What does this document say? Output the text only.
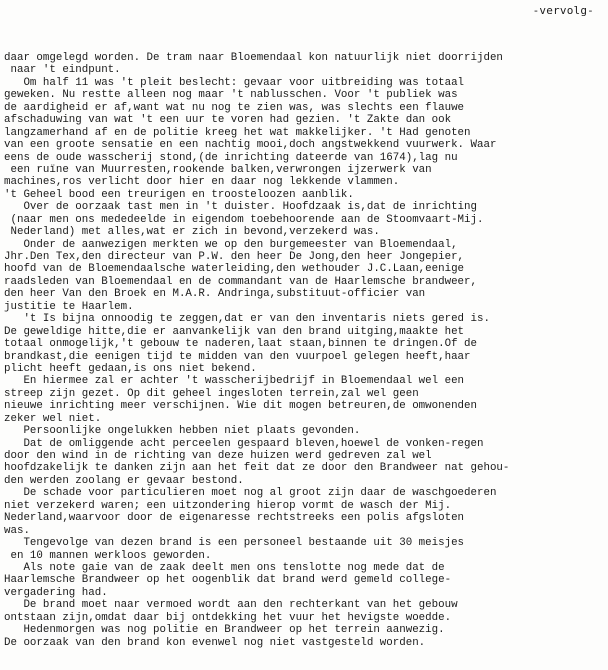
-vervolg-
daar omgelegd worden. De tram naar Bloemendaal kon natuurlijk niet doorrijden
naar 't eindpunt.
Om half 11 was 't pleit beslecht: gevaar voor uitbreiding was totaal
geweken. Nu restte alleen nog maar 't nablusschen. Voor 't publiek was
de aardigheid er af,want wat nu nog te zien was, was slechts een flauwe
afschaduwing van wat 't een uur te voren had gezien. 't Zakte dan ook
langzamerhand af en de politie kreeg het wat makkelijker. 't Had genoten
van een groote sensatie en een nachtig mooi,doch angstwekkend vuurwerk. Waar
eens de oude wasscherij stond,(de inrichting dateerde van 1674),lag nu
een ruïne van Muurresten,rookende balken,verwrongen ijzerwerk van
machines,ros verlicht door hier en daar nog lekkende vlammen.
't Geheel bood een treurigen en troosteloozen aanblik.
Over de oorzaak tast men in 't duister. Hoofdzaak is,dat de inrichting
(naar men ons mededeelde in eigendom toebehoorende aan de Stoomvaart-Mij.
Nederland) met alles,wat er zich in bevond,verzekerd was.
Onder de aanwezigen merkten we op den burgemeester van Bloemendaal,
Jhr.Den Tex,den directeur van P.W. den heer De Jong,den heer Jongepier,
hoofd van de Bloemendaalsche waterleiding,den wethouder J.C.Laan,eenige
raadsleden van Bloemendaal en de commandant van de Haarlemsche brandweer,
den heer Van den Broek en M.A.R. Andringa,substituut-officier van
justitie te Haarlem.
't Is bijna onnoodig te zeggen,dat er van den inventaris niets gered is.
De geweldige hitte,die er aanvankelijk van den brand uitging,maakte het
totaal onmogelijk,'t gebouw te naderen,laat staan,binnen te dringen.Of de
brandkast,die eenigen tijd te midden van den vuurpoel gelegen heeft,haar
plicht heeft gedaan,is ons niet bekend.
En hiermee zal er achter 't wasscherijbedrijf in Bloemendaal wel een
streep zijn gezet. Op dit geheel ingesloten terrein,zal wel geen
nieuwe inrichting meer verschijnen. Wie dit mogen betreuren,de omwonenden
zeker wel niet.
Persoonlijke ongelukken hebben niet plaats gevonden.
Dat de omliggende acht perceelen gespaard bleven,hoewel de vonken-regen
door den wind in de richting van deze huizen werd gedreven zal wel
hoofdzakelijk te danken zijn aan het feit dat ze door den Brandweer nat gehou-
den werden zoolang er gevaar bestond.
De schade voor particulieren moet nog al groot zijn daar de waschgoederen
niet verzekerd waren; een uitzondering hierop vormt de wasch der Mij.
Nederland,waarvoor door de eigenaresse rechtstreeks een polis afgsloten
was.
Tengevolge van dezen brand is een personeel bestaande uit 30 meisjes
en 10 mannen werkloos geworden.
Als note gaie van de zaak deelt men ons tenslotte nog mede dat de
Haarlemsche Brandweer op het oogenblik dat brand werd gemeld college-
vergadering had.
De brand moet naar vermoed wordt aan den rechterkant van het gebouw
ontstaan zijn,omdat daar bij ontdekking het vuur het hevigste woedde.
Hedenmorgen was nog politie en Brandweer op het terrein aanwezig.
De oorzaak van den brand kon evenwel nog niet vastgesteld worden.
